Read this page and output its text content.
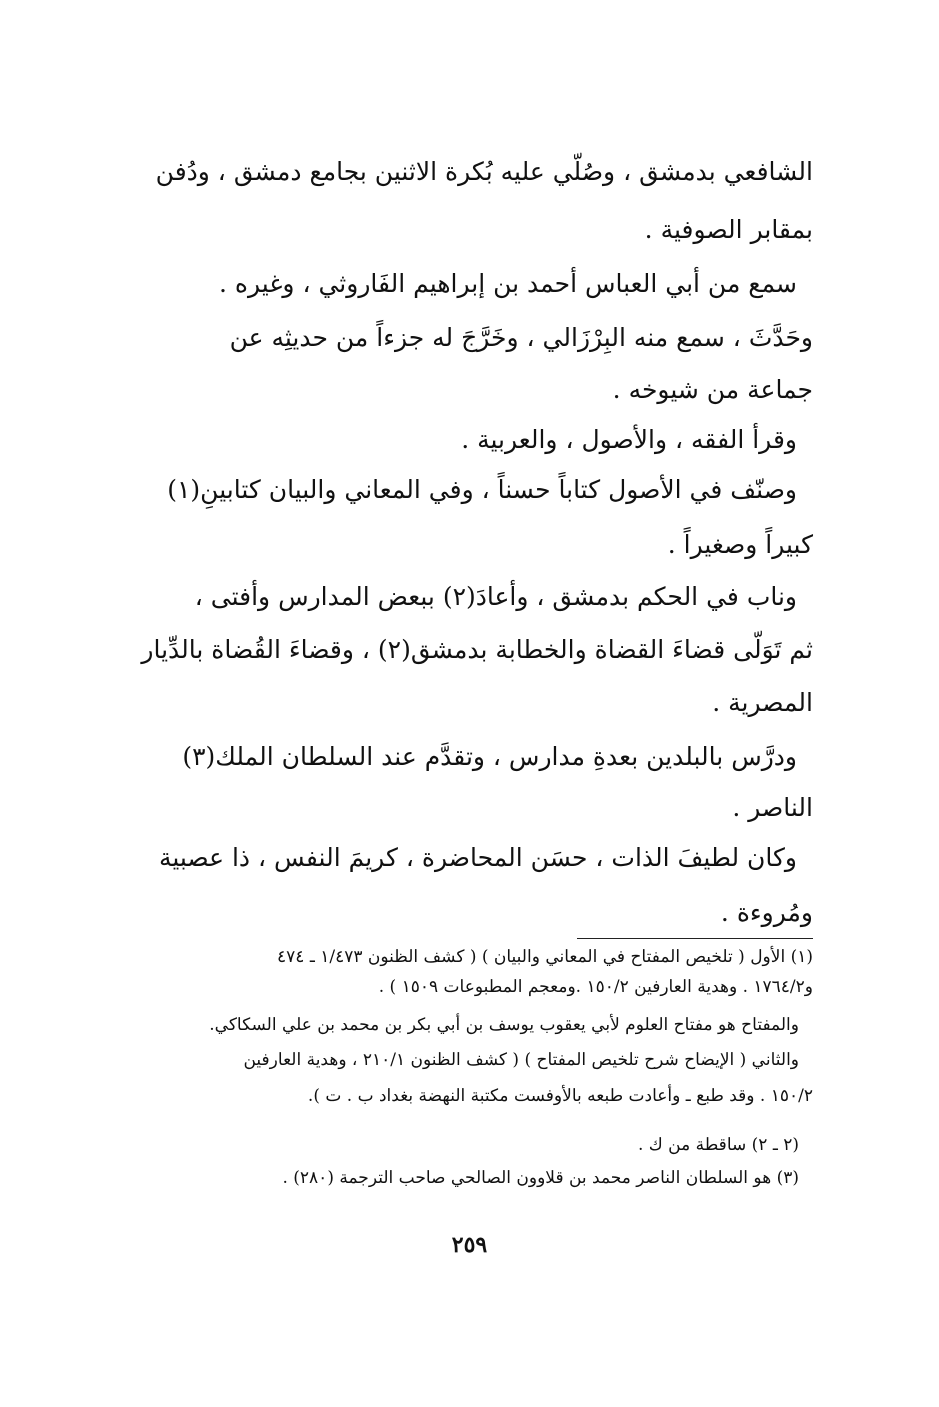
الشافعي بدمشق ، وصُلّي عليه بُكرة الاثنين بجامع دمشق ، ودُفن
بمقابر الصوفية .
سمع من أبي العباس أحمد بن إبراهيم الفَاروثي ، وغيره .
وحَدَّثَ ، سمع منه البِرْزَالي ، وخَرَّجَ له جزءاً من حديثِه عن
جماعة من شيوخه .
وقرأ الفقه ، والأصول ، والعربية .
وصنّف في الأصول كتاباً حسناً ، وفي المعاني والبيان كتابينِ(١)
كبيراً وصغيراً .
وناب في الحكم بدمشق ، وأعادَ(٢) ببعض المدارس وأفتى ،
ثم تَوَلّى قضاءَ القضاة والخطابة بدمشق(٢) ، وقضاءَ القُضاة بالدِّيار
المصرية .
ودرَّس بالبلدين بعدةِ مدارس ، وتقدَّم عند السلطان الملك(٣)
الناصر .
وكان لطيفَ الذات ، حسَن المحاضرة ، كريمَ النفس ، ذا عصبية
ومُروءة .
(١) الأول ( تلخيص المفتاح في المعاني والبيان ) ( كشف الظنون ١/٤٧٣ ـ ٤٧٤
و١٧٦٤/٢ . وهدية العارفين ١٥٠/٢ .ومعجم المطبوعات ١٥٠٩ ) .
والمفتاح هو مفتاح العلوم لأبي يعقوب يوسف بن أبي بكر بن محمد بن علي السكاكي.
والثاني ( الإيضاح شرح تلخيص المفتاح ) ( كشف الظنون ٢١٠/١ ، وهدية العارفين
١٥٠/٢ . وقد طبع ـ وأعادت طبعه بالأوفست مكتبة النهضة بغداد ب . ت ).
(٢ ـ ٢) ساقطة من ك .
(٣) هو السلطان الناصر محمد بن قلاوون الصالحي صاحب الترجمة (٢٨٠) .
٢٥٩
